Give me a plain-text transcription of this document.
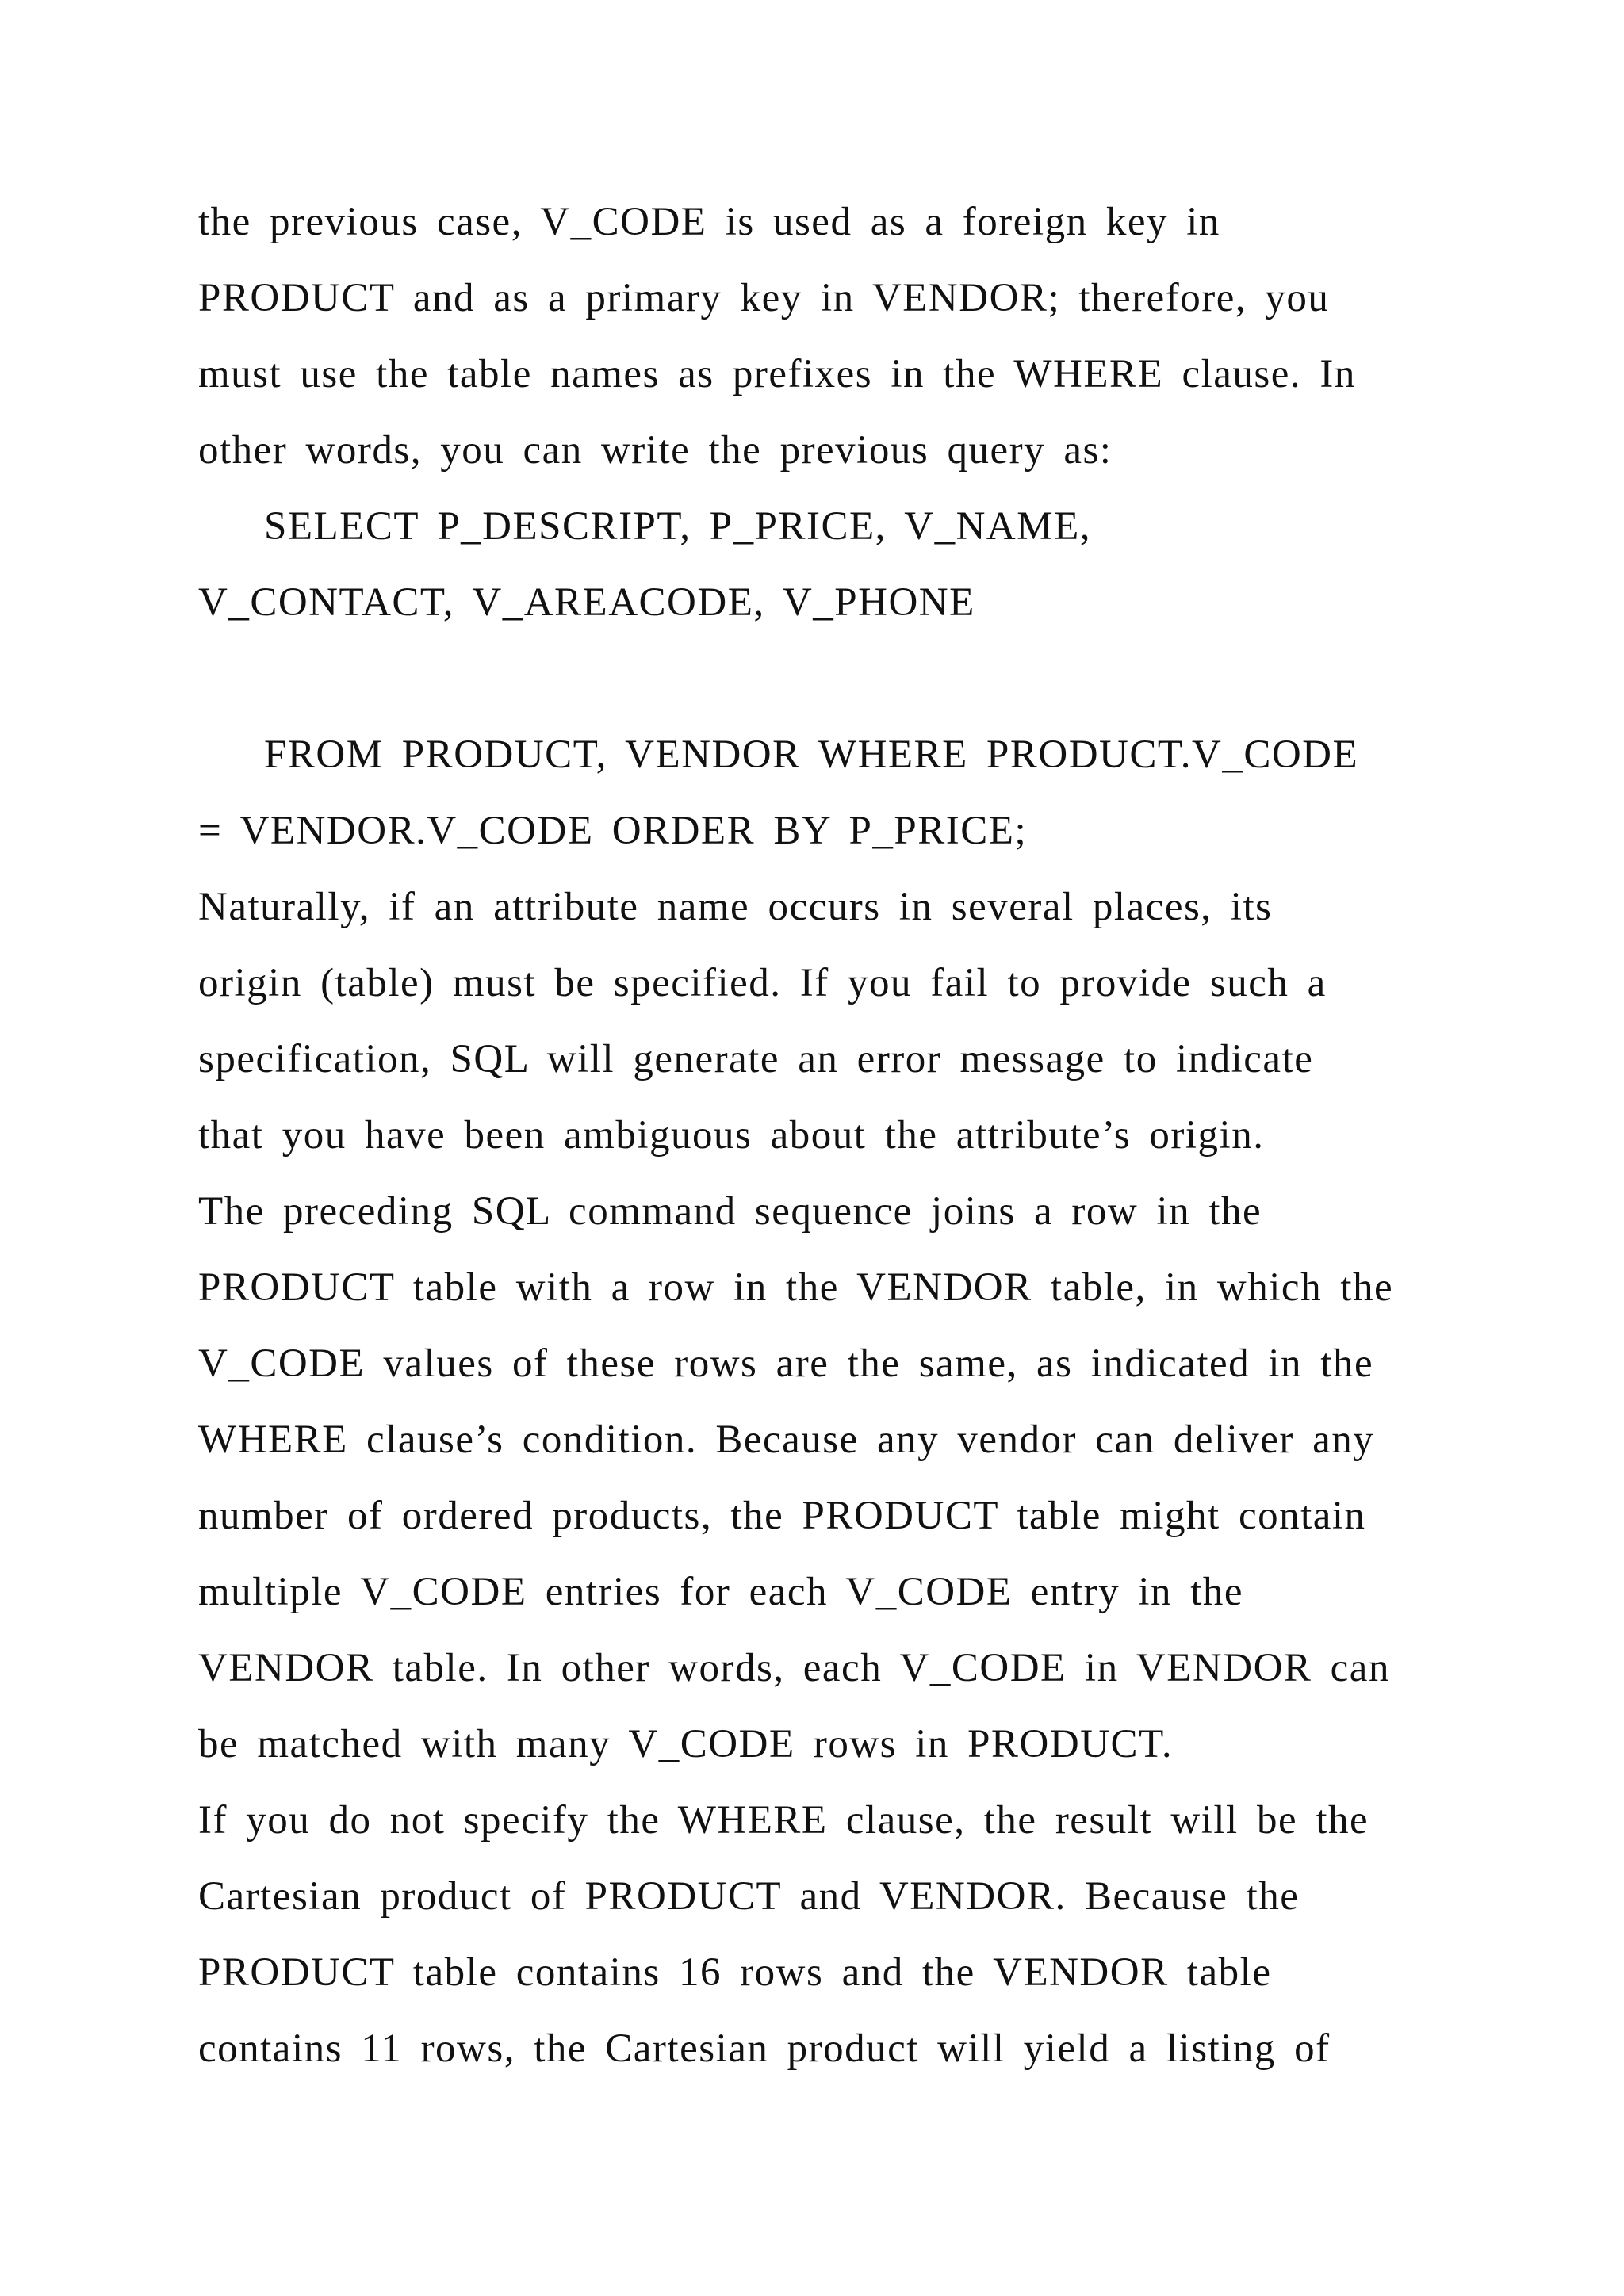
the previous case, V_CODE is used as a foreign key in
PRODUCT and as a primary key in VENDOR; therefore, you
must use the table names as prefixes in the WHERE clause. In
other words, you can write the previous query as:
SELECT P_DESCRIPT, P_PRICE, V_NAME,
V_CONTACT, V_AREACODE, V_PHONE
FROM PRODUCT, VENDOR WHERE PRODUCT.V_CODE
= VENDOR.V_CODE ORDER BY P_PRICE;
Naturally, if an attribute name occurs in several places, its
origin (table) must be specified. If you fail to provide such a
specification, SQL will generate an error message to indicate
that you have been ambiguous about the attribute’s origin.
The preceding SQL command sequence joins a row in the
PRODUCT table with a row in the VENDOR table, in which the
V_CODE values of these rows are the same, as indicated in the
WHERE clause’s condition. Because any vendor can deliver any
number of ordered products, the PRODUCT table might contain
multiple V_CODE entries for each V_CODE entry in the
VENDOR table. In other words, each V_CODE in VENDOR can
be matched with many V_CODE rows in PRODUCT.
If you do not specify the WHERE clause, the result will be the
Cartesian product of PRODUCT and VENDOR. Because the
PRODUCT table contains 16 rows and the VENDOR table
contains 11 rows, the Cartesian product will yield a listing of
